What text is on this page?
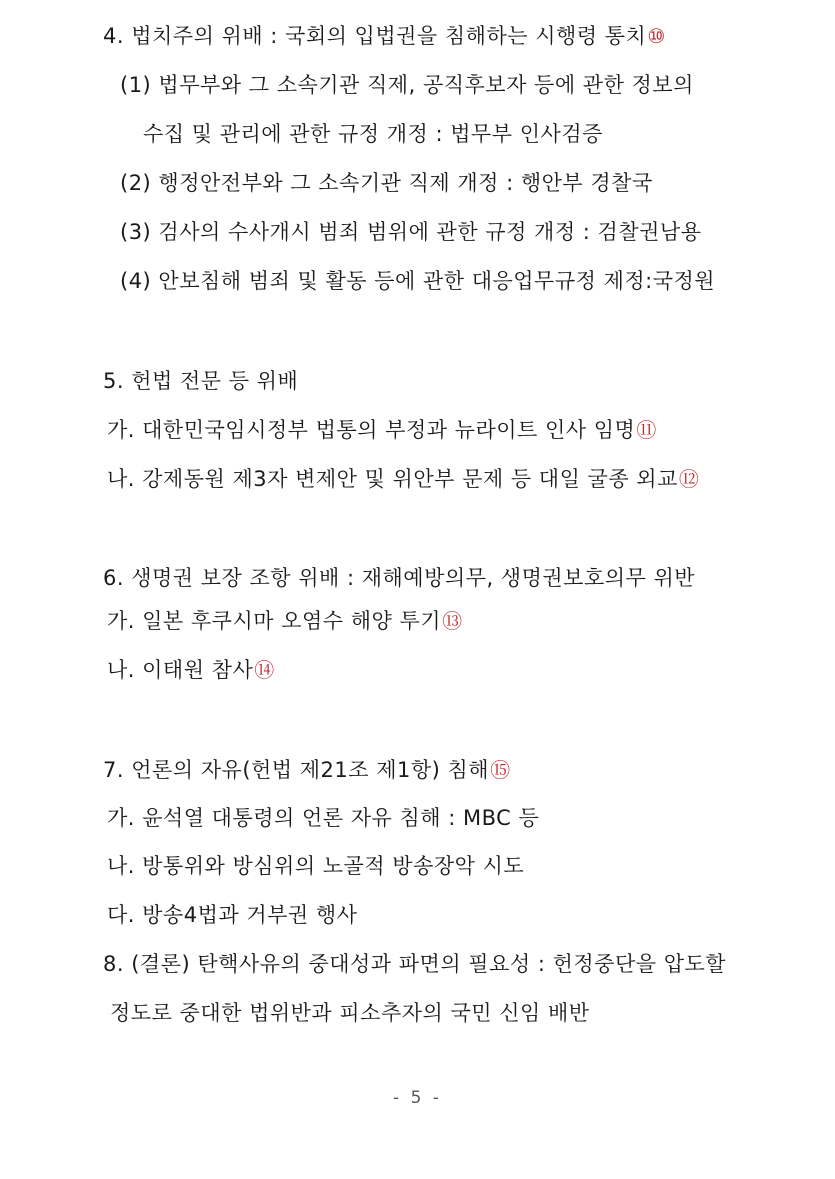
4. 법치주의 위배 : 국회의 입법권을 침해하는 시행령 통치⑩
(1) 법무부와 그 소속기관 직제, 공직후보자 등에 관한 정보의
수집 및 관리에 관한 규정 개정 : 법무부 인사검증
(2) 행정안전부와 그 소속기관 직제 개정 : 행안부 경찰국
(3) 검사의 수사개시 범죄 범위에 관한 규정 개정 : 검찰권남용
(4) 안보침해 범죄 및 활동 등에 관한 대응업무규정 제정:국정원
5. 헌법 전문 등 위배
가. 대한민국임시정부 법통의 부정과 뉴라이트 인사 임명⑪
나. 강제동원 제3자 변제안 및 위안부 문제 등 대일 굴종 외교⑫
6. 생명권 보장 조항 위배 : 재해예방의무, 생명권보호의무 위반
가. 일본 후쿠시마 오염수 해양 투기⑬
나. 이태원 참사⑭
7. 언론의 자유(헌법 제21조 제1항) 침해⑮
가. 윤석열 대통령의 언론 자유 침해 : MBC 등
나. 방통위와 방심위의 노골적 방송장악 시도
다. 방송4법과 거부권 행사
8. (결론) 탄핵사유의 중대성과 파면의 필요성 : 헌정중단을 압도할
정도로 중대한 법위반과 피소추자의 국민 신임 배반
- 5 -
